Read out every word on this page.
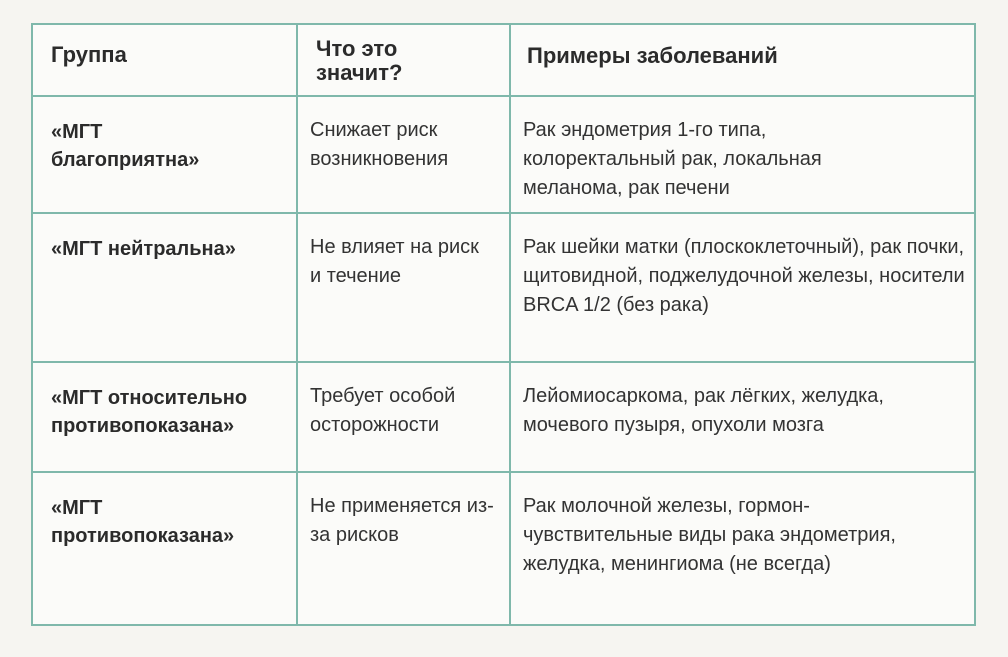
Группа	Что это значит?	Примеры заболеваний

«МГТ благоприятна»	Снижает риск возникновения	Рак эндометрия 1-го типа, колоректальный рак, локальная меланома, рак печени

«МГТ нейтральна»	Не влияет на риск и течение	Рак шейки матки (плоскоклеточный), рак почки, щитовидной, поджелудочной железы, носители BRCA 1/2 (без рака)

«МГТ относительно противопоказана»	Требует особой осторожности	Лейомиосаркома, рак лёгких, желудка, мочевого пузыря, опухоли мозга

«МГТ противопоказана»	Не применяется из-за рисков	Рак молочной железы, гормон-чувствительные виды рака эндометрия, желудка, менингиома (не всегда)
